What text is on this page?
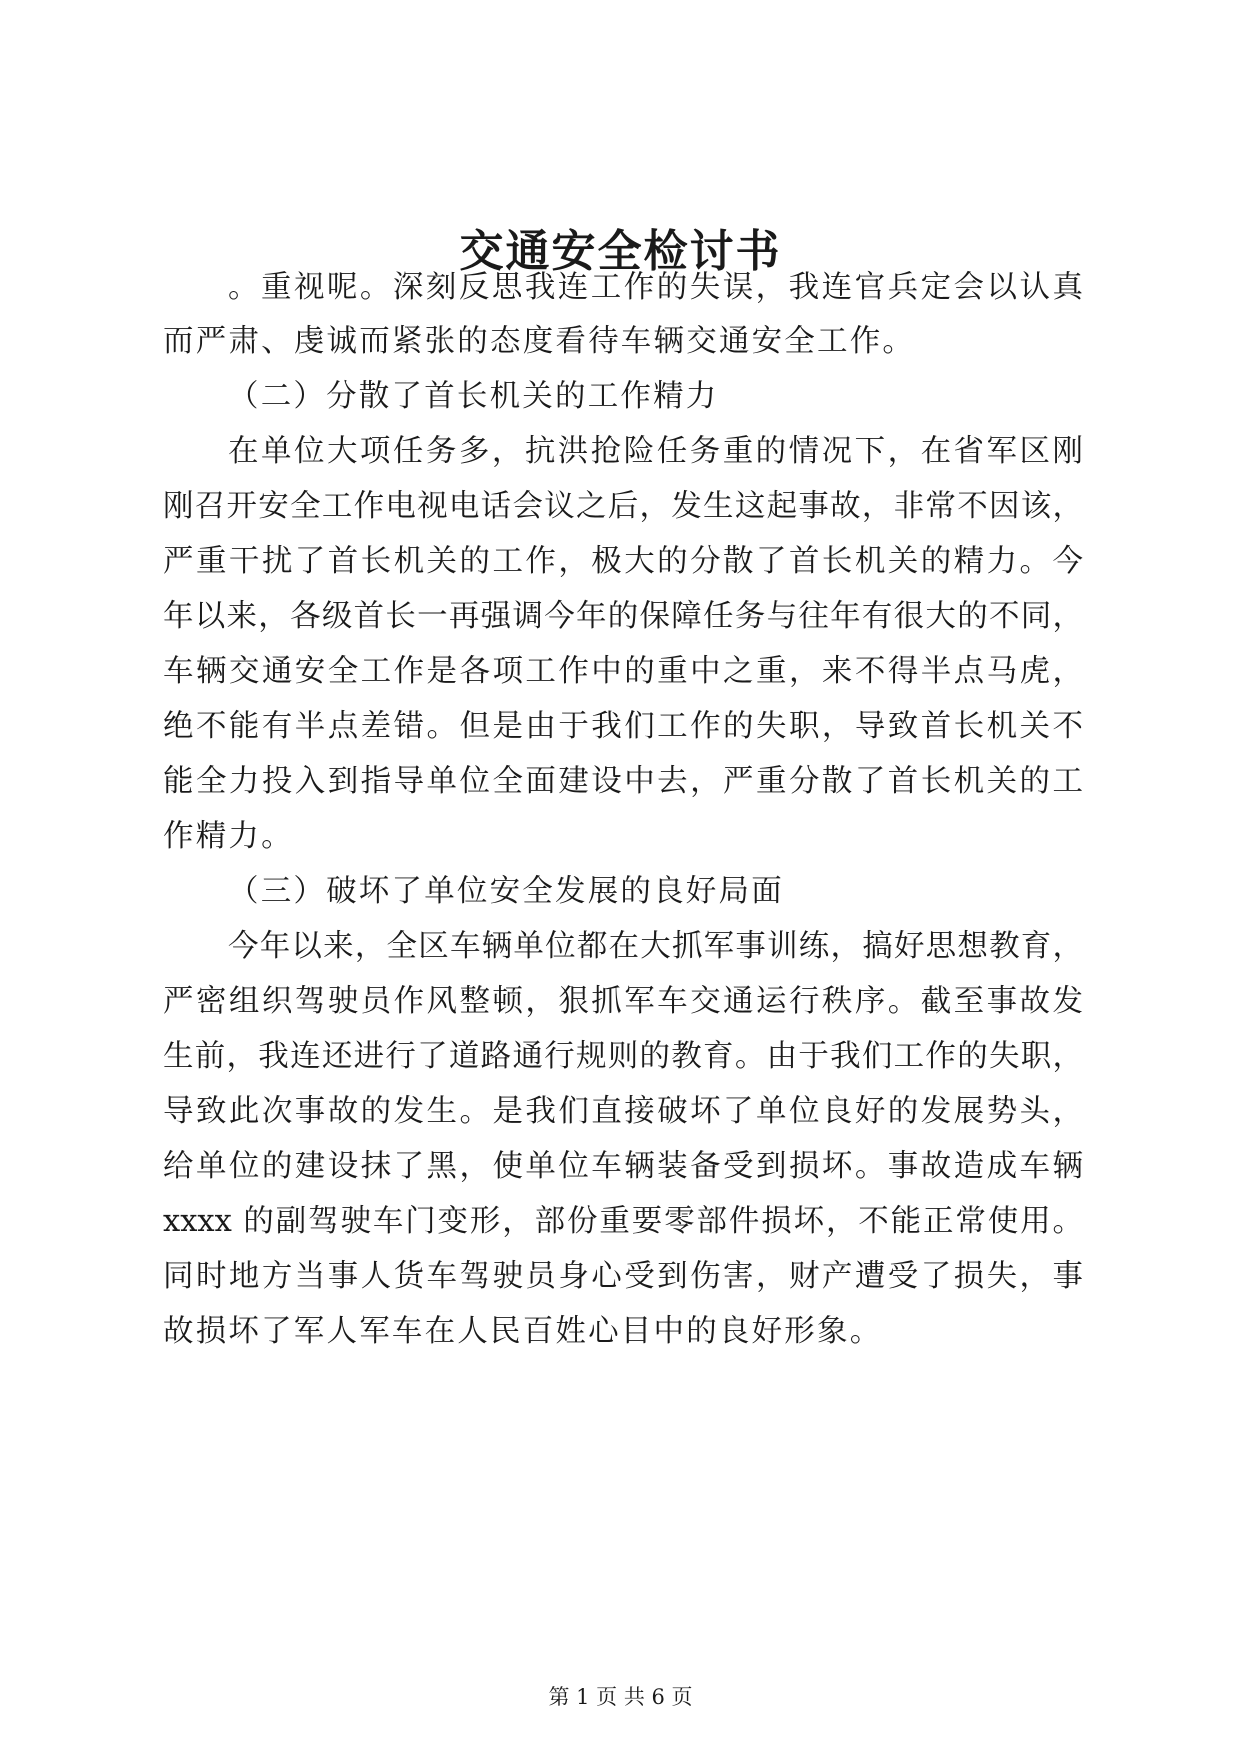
交通安全检讨书

。重视呢。深刻反思我连工作的失误，我连官兵定会以认真

而严肃、虔诚而紧张的态度看待车辆交通安全工作。

（二）分散了首长机关的工作精力

在单位大项任务多，抗洪抢险任务重的情况下，在省军区刚

刚召开安全工作电视电话会议之后，发生这起事故，非常不因该，

严重干扰了首长机关的工作，极大的分散了首长机关的精力。今

年以来，各级首长一再强调今年的保障任务与往年有很大的不同，

车辆交通安全工作是各项工作中的重中之重，来不得半点马虎，

绝不能有半点差错。但是由于我们工作的失职，导致首长机关不

能全力投入到指导单位全面建设中去，严重分散了首长机关的工

作精力。

（三）破坏了单位安全发展的良好局面

今年以来，全区车辆单位都在大抓军事训练，搞好思想教育，

严密组织驾驶员作风整顿，狠抓军车交通运行秩序。截至事故发

生前，我连还进行了道路通行规则的教育。由于我们工作的失职，

导致此次事故的发生。是我们直接破坏了单位良好的发展势头，

给单位的建设抹了黑，使单位车辆装备受到损坏。事故造成车辆

xxxx 的副驾驶车门变形，部份重要零部件损坏，不能正常使用。

同时地方当事人货车驾驶员身心受到伤害，财产遭受了损失，事

故损坏了军人军车在人民百姓心目中的良好形象。

第 1 页 共 6 页
